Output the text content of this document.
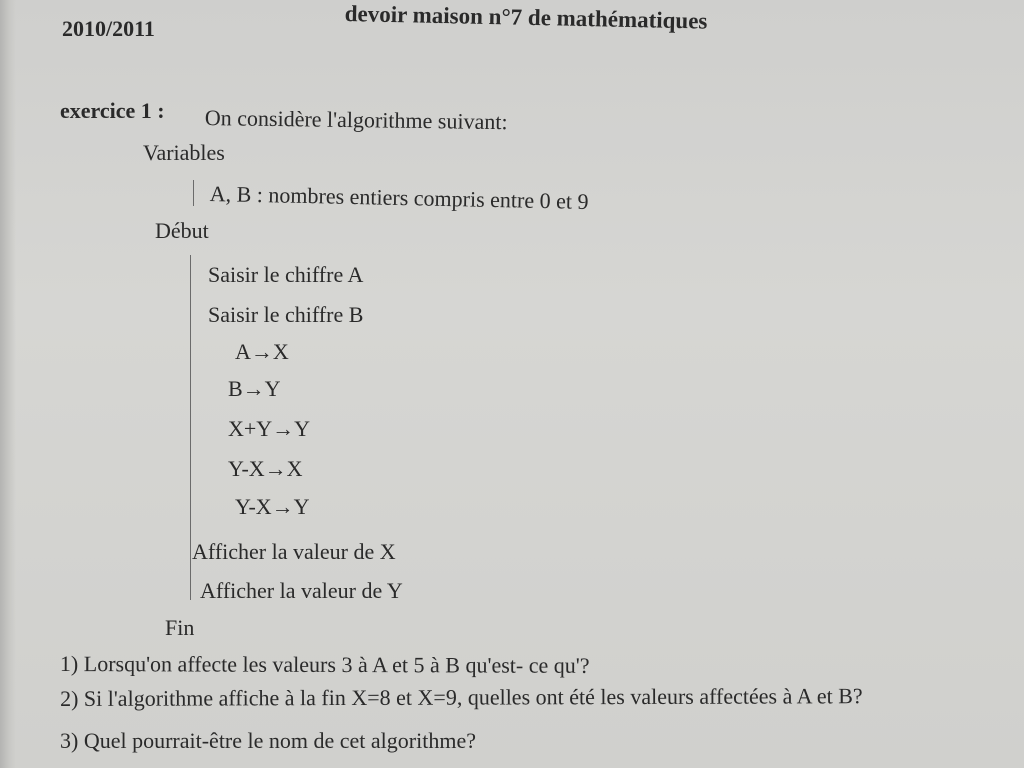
devoir maison n°7 de mathématiques
2010/2011
exercice 1 : On considère l'algorithme suivant:
Variables
A, B : nombres entiers compris entre 0 et 9
Début
Saisir le chiffre A
Saisir le chiffre B
A→X
B→Y
X+Y→Y
Y-X→X
Y-X→Y
Afficher la valeur de X
Afficher la valeur de Y
Fin
1) Lorsqu'on affecte les valeurs 3 à A et 5 à B qu'est- ce qu'?
2) Si l'algorithme affiche à la fin X=8 et X=9, quelles ont été les valeurs affectées à A et B?
3) Quel pourrait-être le nom de cet algorithme?
